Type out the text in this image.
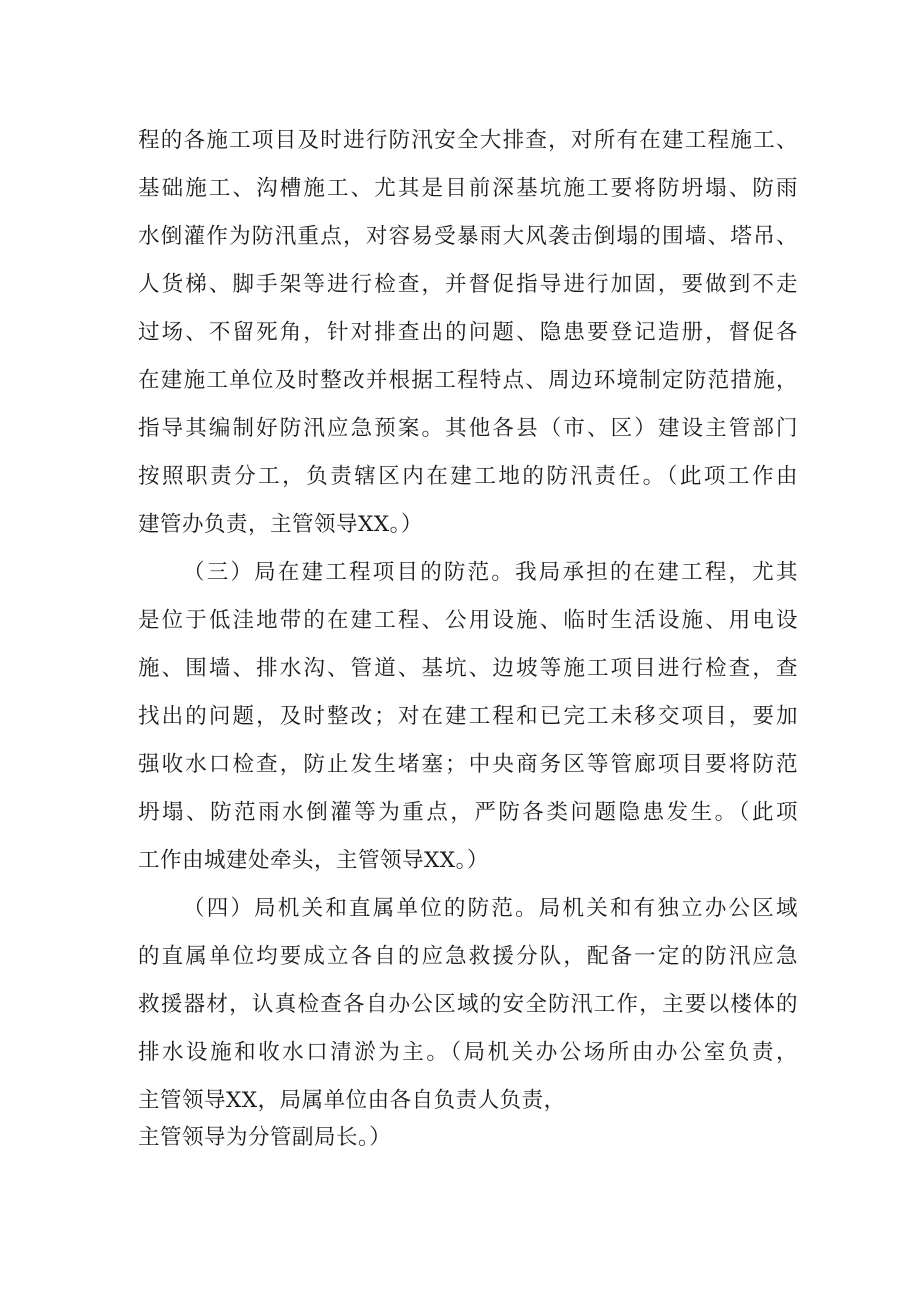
程的各施工项目及时进行防汛安全大排查，对所有在建工程施工、
基础施工、沟槽施工、尤其是目前深基坑施工要将防坍塌、防雨
水倒灌作为防汛重点，对容易受暴雨大风袭击倒塌的围墙、塔吊、
人货梯、脚手架等进行检查，并督促指导进行加固，要做到不走
过场、不留死角，针对排查出的问题、隐患要登记造册，督促各
在建施工单位及时整改并根据工程特点、周边环境制定防范措施，
指导其编制好防汛应急预案。其他各县（市、区）建设主管部门
按照职责分工，负责辖区内在建工地的防汛责任。（此项工作由
建管办负责，主管领导XX。）
（三）局在建工程项目的防范。我局承担的在建工程，尤其
是位于低洼地带的在建工程、公用设施、临时生活设施、用电设
施、围墙、排水沟、管道、基坑、边坡等施工项目进行检查，查
找出的问题，及时整改；对在建工程和已完工未移交项目，要加
强收水口检查，防止发生堵塞；中央商务区等管廊项目要将防范
坍塌、防范雨水倒灌等为重点，严防各类问题隐患发生。（此项
工作由城建处牵头，主管领导XX。）
（四）局机关和直属单位的防范。局机关和有独立办公区域
的直属单位均要成立各自的应急救援分队，配备一定的防汛应急
救援器材，认真检查各自办公区域的安全防汛工作，主要以楼体的
排水设施和收水口清淤为主。（局机关办公场所由办公室负责，
主管领导XX，局属单位由各自负责人负责，
主管领导为分管副局长。）
